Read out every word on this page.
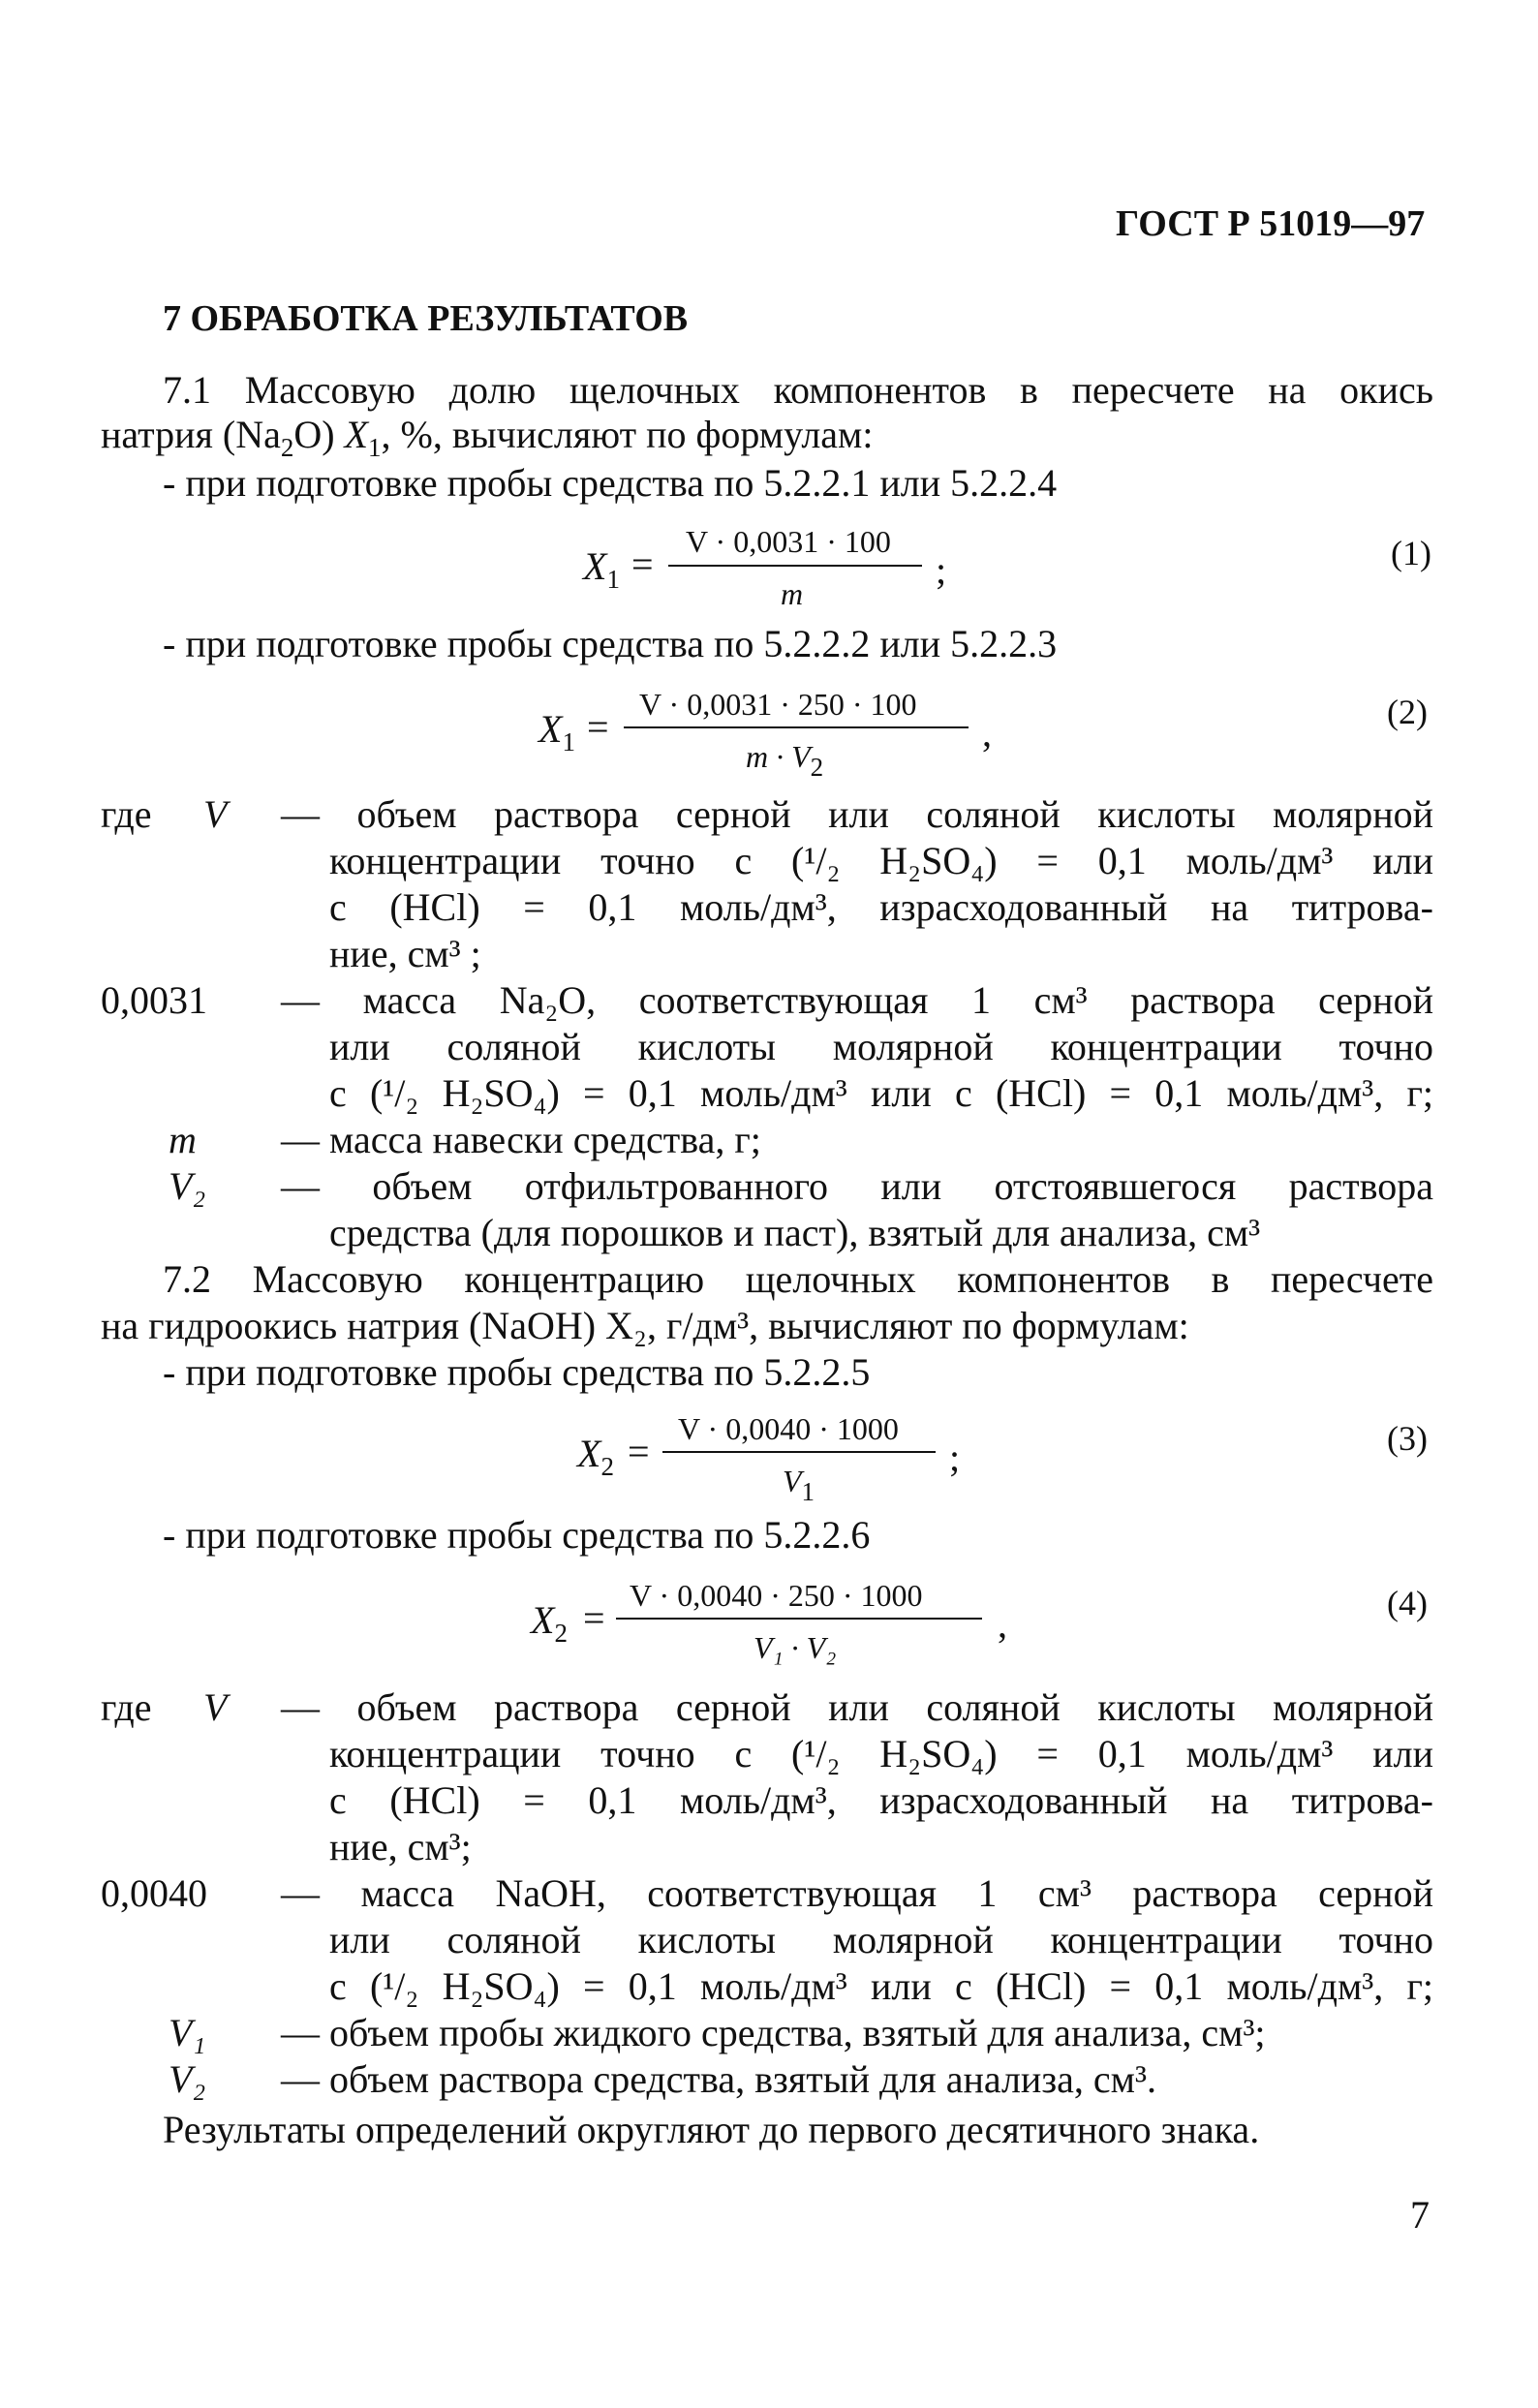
ГОСТ Р 51019—97
7 ОБРАБОТКА РЕЗУЛЬТАТОВ
7.1 Массовую долю щелочных компонентов в пересчете на окись
натрия $(Na_2O)$ $X_1$, %, вычисляют по формулам:
- при подготовке пробы средства по 5.2.2.1 или 5.2.2.4
$X_1$ =
V · 0,0031 · 100
m
;	(1)
- при подготовке пробы средства по 5.2.2.2 или 5.2.2.3
$X_1$ =
V · 0,0031 · 250 · 100
$m \cdot V_2$
,	(2)
где V — объем раствора серной или соляной кислоты молярной
концентрации точно c (¹/₂ H₂SO₄) = 0,1 моль/дм³ или
c (HCl) = 0,1 моль/дм³, израсходованный на титрова-
ние, см³ ;
0,0031 — масса Na₂O, соответствующая 1 см³ раствора серной
или соляной кислоты молярной концентрации точно
c (¹/₂ H₂SO₄) = 0,1 моль/дм³ или c (HCl) = 0,1 моль/дм³, г;
m — масса навески средства, г;
V₂ — объем отфильтрованного или отстоявшегося раствора
средства (для порошков и паст), взятый для анализа, см³
7.2 Массовую концентрацию щелочных компонентов в пересчете
на гидроокись натрия (NaOH) X₂, г/дм³, вычисляют по формулам:
- при подготовке пробы средства по 5.2.2.5
$X_2$ =
V · 0,0040 · 1000
$V_1$
;	(3)
- при подготовке пробы средства по 5.2.2.6
$X_2$ =
V · 0,0040 · 250 · 1000
V₁ · V₂
,	(4)
где V — объем раствора серной или соляной кислоты молярной
концентрации точно c (¹/₂ H₂SO₄) = 0,1 моль/дм³ или
c (HCl) = 0,1 моль/дм³, израсходованный на титрова-
ние, см³;
0,0040 — масса NaOH, соответствующая 1 см³ раствора серной
или соляной кислоты молярной концентрации точно
c (¹/₂ H₂SO₄) = 0,1 моль/дм³ или c (HCl) = 0,1 моль/дм³, г;
V₁ — объем пробы жидкого средства, взятый для анализа, см³;
V₂ — объем раствора средства, взятый для анализа, см³.
Результаты определений округляют до первого десятичного знака.
7
